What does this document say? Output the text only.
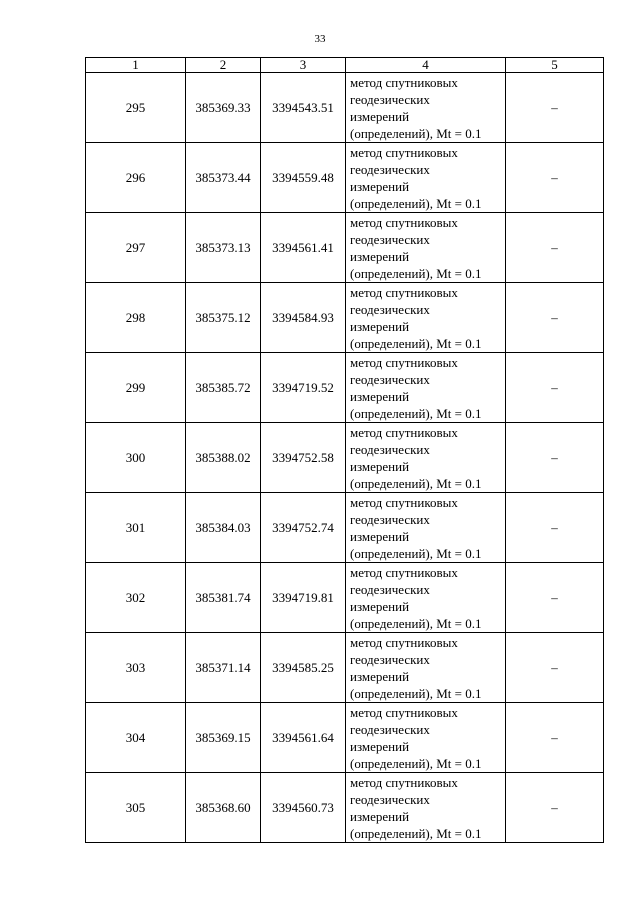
33
1	2	3	4	5
295	385369.33	3394543.51	метод спутниковых
геодезических
измерений
(определений), Mt = 0.1	–
296	385373.44	3394559.48	метод спутниковых
геодезических
измерений
(определений), Mt = 0.1	–
297	385373.13	3394561.41	метод спутниковых
геодезических
измерений
(определений), Mt = 0.1	–
298	385375.12	3394584.93	метод спутниковых
геодезических
измерений
(определений), Mt = 0.1	–
299	385385.72	3394719.52	метод спутниковых
геодезических
измерений
(определений), Mt = 0.1	–
300	385388.02	3394752.58	метод спутниковых
геодезических
измерений
(определений), Mt = 0.1	–
301	385384.03	3394752.74	метод спутниковых
геодезических
измерений
(определений), Mt = 0.1	–
302	385381.74	3394719.81	метод спутниковых
геодезических
измерений
(определений), Mt = 0.1	–
303	385371.14	3394585.25	метод спутниковых
геодезических
измерений
(определений), Mt = 0.1	–
304	385369.15	3394561.64	метод спутниковых
геодезических
измерений
(определений), Mt = 0.1	–
305	385368.60	3394560.73	метод спутниковых
геодезических
измерений
(определений), Mt = 0.1	–
